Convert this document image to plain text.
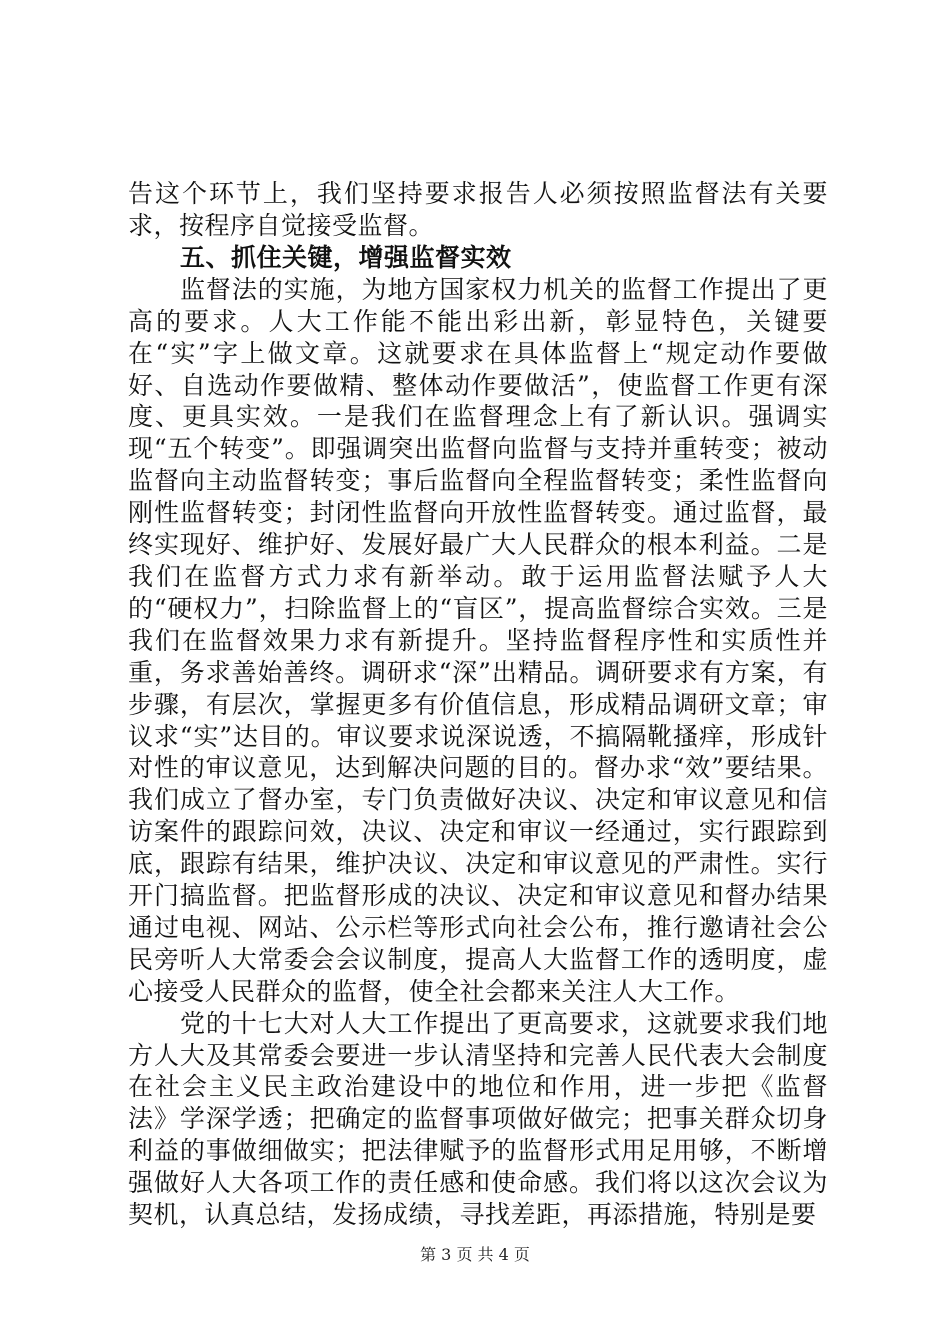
告这个环节上，我们坚持要求报告人必须按照监督法有关要求，按程序自觉接受监督。

五、抓住关键，增强监督实效

监督法的实施，为地方国家权力机关的监督工作提出了更高的要求。人大工作能不能出彩出新，彰显特色，关键要在“实”字上做文章。这就要求在具体监督上“规定动作要做好、自选动作要做精、整体动作要做活”，使监督工作更有深度、更具实效。一是我们在监督理念上有了新认识。强调实现“五个转变”。即强调突出监督向监督与支持并重转变；被动监督向主动监督转变；事后监督向全程监督转变；柔性监督向刚性监督转变；封闭性监督向开放性监督转变。通过监督，最终实现好、维护好、发展好最广大人民群众的根本利益。二是我们在监督方式力求有新举动。敢于运用监督法赋予人大的“硬权力”，扫除监督上的“盲区”，提高监督综合实效。三是我们在监督效果力求有新提升。坚持监督程序性和实质性并重，务求善始善终。调研求“深”出精品。调研要求有方案，有步骤，有层次，掌握更多有价值信息，形成精品调研文章；审议求“实”达目的。审议要求说深说透，不搞隔靴搔痒，形成针对性的审议意见，达到解决问题的目的。督办求“效”要结果。我们成立了督办室，专门负责做好决议、决定和审议意见和信访案件的跟踪问效，决议、决定和审议一经通过，实行跟踪到底，跟踪有结果，维护决议、决定和审议意见的严肃性。实行开门搞监督。把监督形成的决议、决定和审议意见和督办结果通过电视、网站、公示栏等形式向社会公布，推行邀请社会公民旁听人大常委会会议制度，提高人大监督工作的透明度，虚心接受人民群众的监督，使全社会都来关注人大工作。

党的十七大对人大工作提出了更高要求，这就要求我们地方人大及其常委会要进一步认清坚持和完善人民代表大会制度在社会主义民主政治建设中的地位和作用，进一步把《监督法》学深学透；把确定的监督事项做好做完；把事关群众切身利益的事做细做实；把法律赋予的监督形式用足用够，不断增强做好人大各项工作的责任感和使命感。我们将以这次会议为契机，认真总结，发扬成绩，寻找差距，再添措施，特别是要

第 3 页 共 4 页
